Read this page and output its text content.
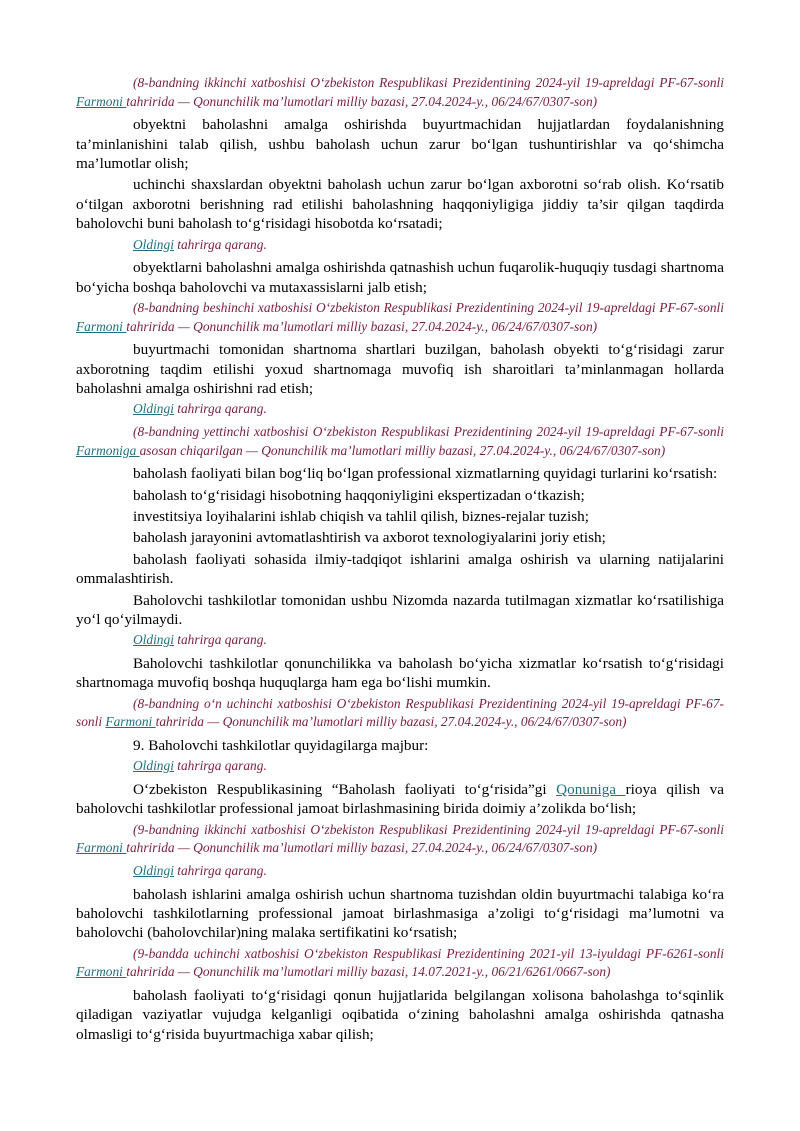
(8-bandning ikkinchi xatboshisi O‘zbekiston Respublikasi Prezidentining 2024-yil 19-apreldagi PF-67-sonli Farmoni tahririda — Qonunchilik ma’lumotlari milliy bazasi, 27.04.2024-y., 06/24/67/0307-son)
obyektni baholashni amalga oshirishda buyurtmachidan hujjatlardan foydalanishning ta’minlanishini talab qilish, ushbu baholash uchun zarur bo‘lgan tushuntirishlar va qo‘shimcha ma’lumotlar olish;
uchinchi shaxslardan obyektni baholash uchun zarur bo‘lgan axborotni so‘rab olish. Ko‘rsatib o‘tilgan axborotni berishning rad etilishi baholashning haqqoniyligiga jiddiy ta’sir qilgan taqdirda baholovchi buni baholash to‘g‘risidagi hisobotda ko‘rsatadi;
Oldingi tahrirga qarang.
obyektlarni baholashni amalga oshirishda qatnashish uchun fuqarolik-huquqiy tusdagi shartnoma bo‘yicha boshqa baholovchi va mutaxassislarni jalb etish;
(8-bandning beshinchi xatboshisi O‘zbekiston Respublikasi Prezidentining 2024-yil 19-apreldagi PF-67-sonli Farmoni tahririda — Qonunchilik ma’lumotlari milliy bazasi, 27.04.2024-y., 06/24/67/0307-son)
buyurtmachi tomonidan shartnoma shartlari buzilgan, baholash obyekti to‘g‘risidagi zarur axborotning taqdim etilishi yoxud shartnomaga muvofiq ish sharoitlari ta’minlanmagan hollarda baholashni amalga oshirishni rad etish;
Oldingi tahrirga qarang.
(8-bandning yettinchi xatboshisi O‘zbekiston Respublikasi Prezidentining 2024-yil 19-apreldagi PF-67-sonli Farmoniga asosan chiqarilgan — Qonunchilik ma’lumotlari milliy bazasi, 27.04.2024-y., 06/24/67/0307-son)
baholash faoliyati bilan bog‘liq bo‘lgan professional xizmatlarning quyidagi turlarini ko‘rsatish:
baholash to‘g‘risidagi hisobotning haqqoniyligini ekspertizadan o‘tkazish;
investitsiya loyihalarini ishlab chiqish va tahlil qilish, biznes-rejalar tuzish;
baholash jarayonini avtomatlashtirish va axborot texnologiyalarini joriy etish;
baholash faoliyati sohasida ilmiy-tadqiqot ishlarini amalga oshirish va ularning natijalarini ommalashtirish.
Baholovchi tashkilotlar tomonidan ushbu Nizomda nazarda tutilmagan xizmatlar ko‘rsatilishiga yo‘l qo‘yilmaydi.
Oldingi tahrirga qarang.
Baholovchi tashkilotlar qonunchilikka va baholash bo‘yicha xizmatlar ko‘rsatish to‘g‘risidagi shartnomaga muvofiq boshqa huquqlarga ham ega bo‘lishi mumkin.
(8-bandning o‘n uchinchi xatboshisi O‘zbekiston Respublikasi Prezidentining 2024-yil 19-apreldagi PF-67-sonli Farmoni tahririda — Qonunchilik ma’lumotlari milliy bazasi, 27.04.2024-y., 06/24/67/0307-son)
9. Baholovchi tashkilotlar quyidagilarga majbur:
Oldingi tahrirga qarang.
O‘zbekiston Respublikasining “Baholash faoliyati to‘g‘risida”gi Qonuniga rioya qilish va baholovchi tashkilotlar professional jamoat birlashmasining birida doimiy a’zolikda bo‘lish;
(9-bandning ikkinchi xatboshisi O‘zbekiston Respublikasi Prezidentining 2024-yil 19-apreldagi PF-67-sonli Farmoni tahririda — Qonunchilik ma’lumotlari milliy bazasi, 27.04.2024-y., 06/24/67/0307-son)
Oldingi tahrirga qarang.
baholash ishlarini amalga oshirish uchun shartnoma tuzishdan oldin buyurtmachi talabiga ko‘ra baholovchi tashkilotlarning professional jamoat birlashmasiga a’zoligi to‘g‘risidagi ma’lumotni va baholovchi (baholovchilar)ning malaka sertifikatini ko‘rsatish;
(9-bandda uchinchi xatboshisi O‘zbekiston Respublikasi Prezidentining 2021-yil 13-iyuldagi PF-6261-sonli Farmoni tahririda — Qonunchilik ma’lumotlari milliy bazasi, 14.07.2021-y., 06/21/6261/0667-son)
baholash faoliyati to‘g‘risidagi qonun hujjatlarida belgilangan xolisona baholashga to‘sqinlik qiladigan vaziyatlar vujudga kelganligi oqibatida o‘zining baholashni amalga oshirishda qatnasha olmasligi to‘g‘risida buyurtmachiga xabar qilish;
